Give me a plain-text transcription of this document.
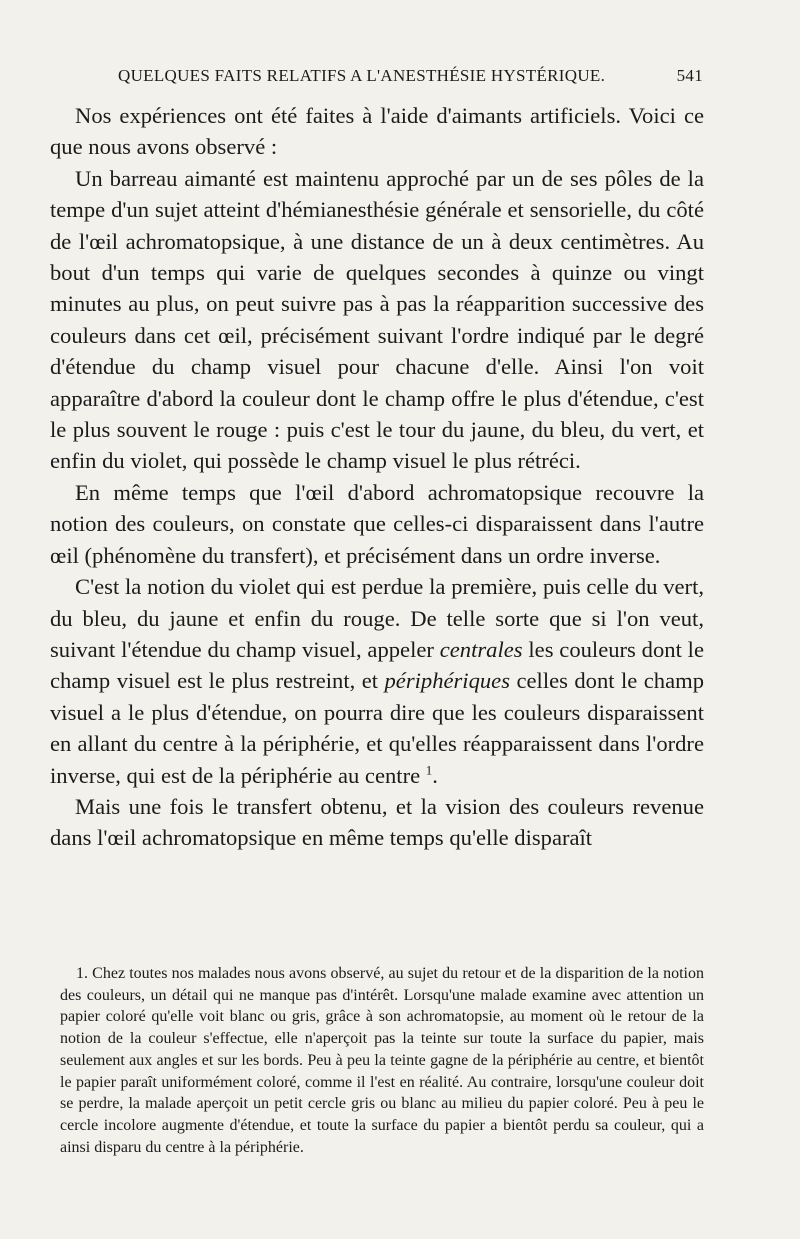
QUELQUES FAITS RELATIFS A L'ANESTHÉSIE HYSTÉRIQUE.	541

Nos expériences ont été faites à l'aide d'aimants artificiels. Voici ce que nous avons observé :

Un barreau aimanté est maintenu approché par un de ses pôles de la tempe d'un sujet atteint d'hémianesthésie générale et sensorielle, du côté de l'œil achromatopsique, à une distance de un à deux centimètres. Au bout d'un temps qui varie de quelques secondes à quinze ou vingt minutes au plus, on peut suivre pas à pas la réapparition successive des couleurs dans cet œil, précisément suivant l'ordre indiqué par le degré d'étendue du champ visuel pour chacune d'elle. Ainsi l'on voit apparaître d'abord la couleur dont le champ offre le plus d'étendue, c'est le plus souvent le rouge : puis c'est le tour du jaune, du bleu, du vert, et enfin du violet, qui possède le champ visuel le plus rétréci.

En même temps que l'œil d'abord achromatopsique recouvre la notion des couleurs, on constate que celles-ci disparaissent dans l'autre œil (phénomène du transfert), et précisément dans un ordre inverse.

C'est la notion du violet qui est perdue la première, puis celle du vert, du bleu, du jaune et enfin du rouge. De telle sorte que si l'on veut, suivant l'étendue du champ visuel, appeler centrales les couleurs dont le champ visuel est le plus restreint, et périphériques celles dont le champ visuel a le plus d'étendue, on pourra dire que les couleurs disparaissent en allant du centre à la périphérie, et qu'elles réapparaissent dans l'ordre inverse, qui est de la périphérie au centre $^1$.

Mais une fois le transfert obtenu, et la vision des couleurs revenue dans l'œil achromatopsique en même temps qu'elle disparaît

1. Chez toutes nos malades nous avons observé, au sujet du retour et de la disparition de la notion des couleurs, un détail qui ne manque pas d'intérêt. Lorsqu'une malade examine avec attention un papier coloré qu'elle voit blanc ou gris, grâce à son achromatopsie, au moment où le retour de la notion de la couleur s'effectue, elle n'aperçoit pas la teinte sur toute la surface du papier, mais seulement aux angles et sur les bords. Peu à peu la teinte gagne de la périphérie au centre, et bientôt le papier paraît uniformément coloré, comme il l'est en réalité. Au contraire, lorsqu'une couleur doit se perdre, la malade aperçoit un petit cercle gris ou blanc au milieu du papier coloré. Peu à peu le cercle incolore augmente d'étendue, et toute la surface du papier a bientôt perdu sa couleur, qui a ainsi disparu du centre à la périphérie.
